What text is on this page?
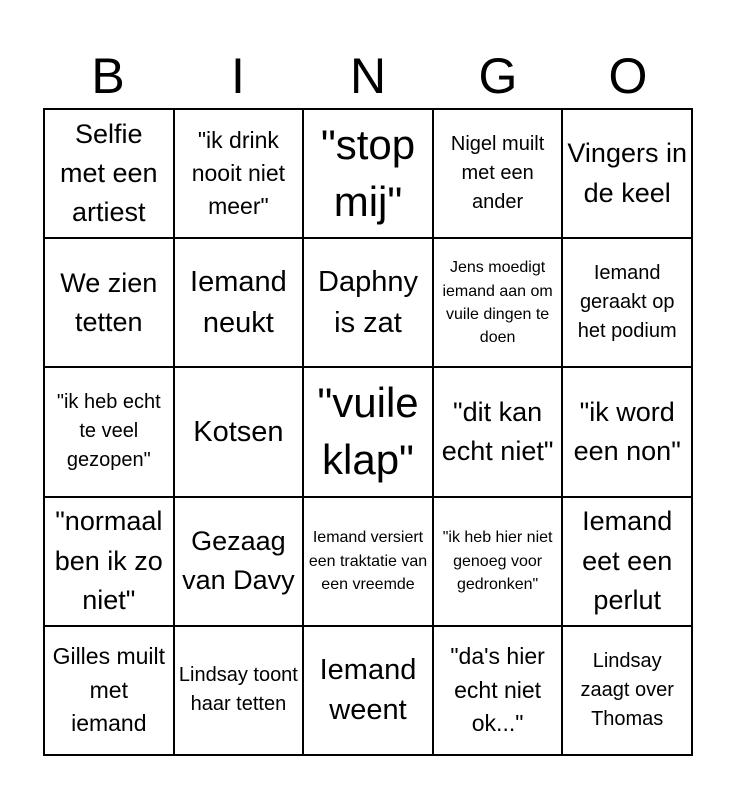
B	I	N	G	O
Selfie met een artiest
"ik drink nooit niet meer"
"stop mij"
Nigel muilt met een ander
Vingers in de keel
We zien tetten
Iemand neukt
Daphny is zat
Jens moedigt iemand aan om vuile dingen te doen
Iemand geraakt op het podium
"ik heb echt te veel gezopen"
Kotsen
"vuile klap"
"dit kan echt niet"
"ik word een non"
"normaal ben ik zo niet"
Gezaag van Davy
Iemand versiert een traktatie van een vreemde
"ik heb hier niet genoeg voor gedronken"
Iemand eet een perlut
Gilles muilt met iemand
Lindsay toont haar tetten
Iemand weent
"da's hier echt niet ok..."
Lindsay zaagt over Thomas
